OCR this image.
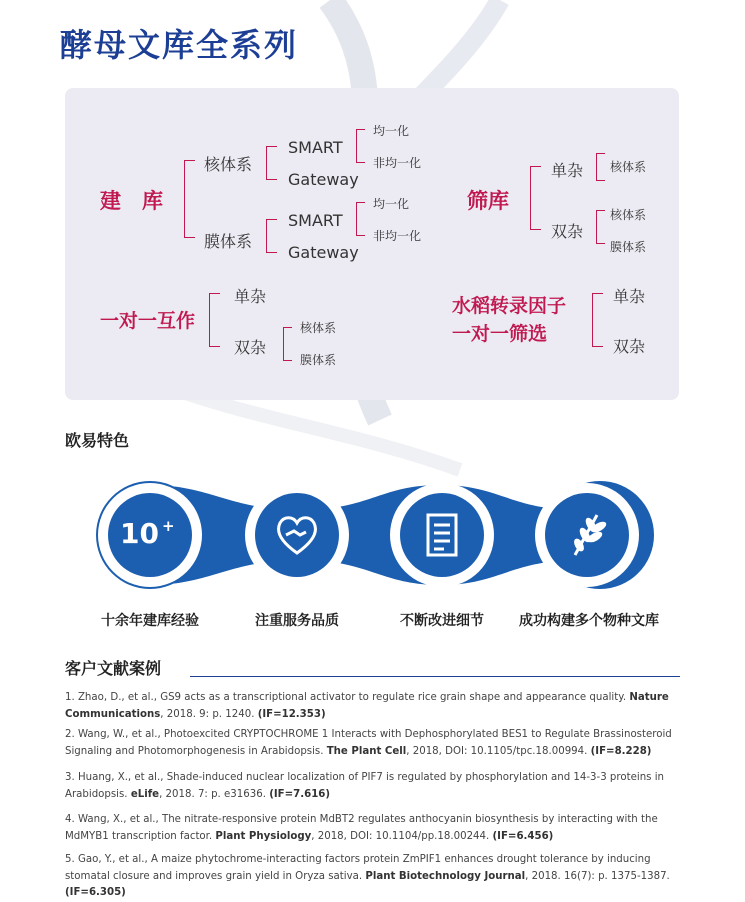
酵母文库全系列
建　库
核体系
膜体系
SMART
Gateway
均一化
非均一化
SMART
Gateway
均一化
非均一化
筛库
单杂
双杂
核体系
核体系
膜体系
一对一互作
单杂
双杂
核体系
膜体系
水稻转录因子
一对一筛选
单杂
双杂
欧易特色
10 +
十余年建库经验	注重服务品质	不断改进细节	成功构建多个物种文库
客户文献案例
1. Zhao, D., et al., GS9 acts as a transcriptional activator to regulate rice grain shape and appearance quality. Nature Communications, 2018. 9: p. 1240. (IF=12.353)
2. Wang, W., et al., Photoexcited CRYPTOCHROME 1 Interacts with Dephosphorylated BES1 to Regulate Brassinosteroid Signaling and Photomorphogenesis in Arabidopsis. The Plant Cell, 2018, DOI: 10.1105/tpc.18.00994. (IF=8.228)
3. Huang, X., et al., Shade-induced nuclear localization of PIF7 is regulated by phosphorylation and 14-3-3 proteins in Arabidopsis. eLife, 2018. 7: p. e31636. (IF=7.616)
4. Wang, X., et al., The nitrate-responsive protein MdBT2 regulates anthocyanin biosynthesis by interacting with the MdMYB1 transcription factor. Plant Physiology, 2018, DOI: 10.1104/pp.18.00244. (IF=6.456)
5. Gao, Y., et al., A maize phytochrome-interacting factors protein ZmPIF1 enhances drought tolerance by inducing stomatal closure and improves grain yield in Oryza sativa. Plant Biotechnology Journal, 2018. 16(7): p. 1375-1387. (IF=6.305)
